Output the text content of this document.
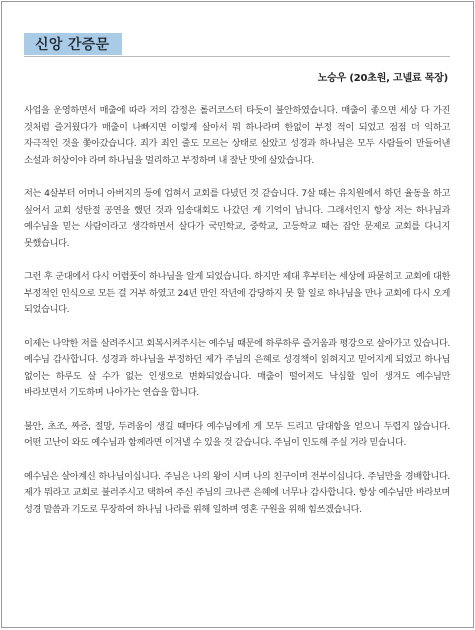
신앙 간증문
노승우 (20초원, 고넬료 목장)

사업을 운영하면서 매출에 따라 저의 감정은 롤러코스터 타듯이 불안하였습니다. 매출이 좋으면 세상 다 가진 것처럼 즐거웠다가 매출이 나빠지면 이렇게 살아서 뭐 하나라며 한없이 부정 적이 되었고 점점 더 익하고 자극적인 것을 쫓아갔습니다. 죄가 죄인 줄도 모르는 상태로 살았고 성경과 하나님은 모두 사람들이 만들어낸 소설과 허상이야 라며 하나님을 멀리하고 부정하며 내 잘난 맛에 살았습니다.

저는 4살부터 어머니 아버지의 등에 업혀서 교회를 다녔던 것 같습니다. 7살 때는 유치원에서 하던 율동을 하고 싶어서 교회 성탄절 공연을 했던 것과 임송대회도 나갔던 게 기억이 납니다. 그래서인지 항상 저는 하나님과 예수님을 믿는 사람이라고 생각하면서 살다가 국민학교, 중학교, 고등학교 때는 잡안 문제로 교회를 다니지 못했습니다.

그런 후 군대에서 다시 어렴풋이 하나님을 알게 되었습니다. 하지만 제대 후부터는 세상에 파묻히고 교회에 대한 부정적인 인식으로 모든 걸 거부 하였고 24년 만인 작년에 감당하지 못 할 일로 하나님을 만나 교회에 다시 오게 되었습니다.

이제는 나약한 저를 살려주시고 회복시켜주시는 예수님 때문에 하루하루 즐거움과 평강으로 살아가고 있습니다. 예수님 감사합니다. 성경과 하나님을 부정하던 제가 주님의 은혜로 성경책이 읽혀지고 믿어지게 되었고 하나님 없이는 하루도 살 수가 없는 인생으로 변화되었습니다. 매출이 떨어져도 낙심할 일이 생겨도 예수님만 바라보면서 기도하며 나아가는 연습을 합니다.

불안, 초조, 짜증, 절망, 두려움이 생길 때마다 예수님에게 게 모두 드리고 담대함을 얻으니 두렵지 않습니다. 어떤 고난이 와도 예수님과 함께라면 이겨낼 수 있을 것 같습니다. 주님이 인도해 주실 거라 믿습니다.

예수님은 살아계신 하나님이십니다. 주님은 나의 왕이 시며 나의 친구이며 전부이십니다. 주님만을 경배합니다. 제가 뭐라고 교회로 불러주시고 택하여 주신 주님의 크나큰 은혜에 너무나 감사합니다. 항상 예수님만 바라보며 성경 말씀과 기도로 무장하여 하나님 나라를 위해 일하며 영혼 구원을 위해 힘쓰겠습니다.
